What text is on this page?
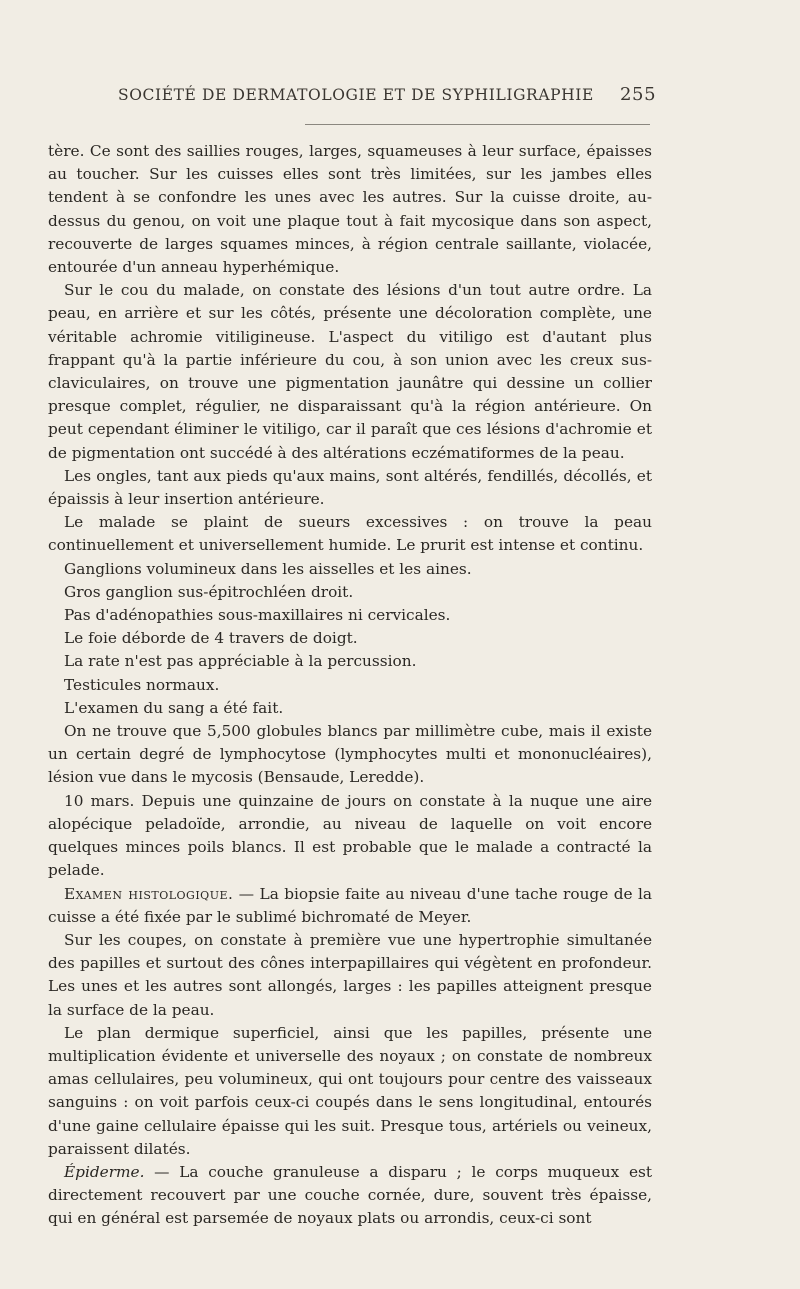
SOCIÉTÉ DE DERMATOLOGIE ET DE SYPHILIGRAPHIE 255

tère. Ce sont des saillies rouges, larges, squameuses à leur surface, épaisses au toucher. Sur les cuisses elles sont très limitées, sur les jambes elles tendent à se confondre les unes avec les autres. Sur la cuisse droite, au-dessus du genou, on voit une plaque tout à fait mycosique dans son aspect, recouverte de larges squames minces, à région centrale saillante, violacée, entourée d'un anneau hyperhémique.

Sur le cou du malade, on constate des lésions d'un tout autre ordre. La peau, en arrière et sur les côtés, présente une décoloration complète, une véritable achromie vitiligineuse. L'aspect du vitiligo est d'autant plus frappant qu'à la partie inférieure du cou, à son union avec les creux sus-claviculaires, on trouve une pigmentation jaunâtre qui dessine un collier presque complet, régulier, ne disparaissant qu'à la région antérieure. On peut cependant éliminer le vitiligo, car il paraît que ces lésions d'achromie et de pigmentation ont succédé à des altérations eczématiformes de la peau.

Les ongles, tant aux pieds qu'aux mains, sont altérés, fendillés, décollés, et épaissis à leur insertion antérieure.

Le malade se plaint de sueurs excessives : on trouve la peau continuellement et universellement humide. Le prurit est intense et continu.

Ganglions volumineux dans les aisselles et les aines.

Gros ganglion sus-épitrochléen droit.

Pas d'adénopathies sous-maxillaires ni cervicales.

Le foie déborde de 4 travers de doigt.

La rate n'est pas appréciable à la percussion.

Testicules normaux.

L'examen du sang a été fait.

On ne trouve que 5,500 globules blancs par millimètre cube, mais il existe un certain degré de lymphocytose (lymphocytes multi et mononucléaires), lésion vue dans le mycosis (Bensaude, Leredde).

10 mars. Depuis une quinzaine de jours on constate à la nuque une aire alopécique peladoïde, arrondie, au niveau de laquelle on voit encore quelques minces poils blancs. Il est probable que le malade a contracté la pelade.

Examen histologique. — La biopsie faite au niveau d'une tache rouge de la cuisse a été fixée par le sublimé bichromaté de Meyer.

Sur les coupes, on constate à première vue une hypertrophie simultanée des papilles et surtout des cônes interpapillaires qui végètent en profondeur. Les unes et les autres sont allongés, larges : les papilles atteignent presque la surface de la peau.

Le plan dermique superficiel, ainsi que les papilles, présente une multiplication évidente et universelle des noyaux ; on constate de nombreux amas cellulaires, peu volumineux, qui ont toujours pour centre des vaisseaux sanguins : on voit parfois ceux-ci coupés dans le sens longitudinal, entourés d'une gaine cellulaire épaisse qui les suit. Presque tous, artériels ou veineux, paraissent dilatés.

Épiderme. — La couche granuleuse a disparu ; le corps muqueux est directement recouvert par une couche cornée, dure, souvent très épaisse, qui en général est parsemée de noyaux plats ou arrondis, ceux-ci sont
